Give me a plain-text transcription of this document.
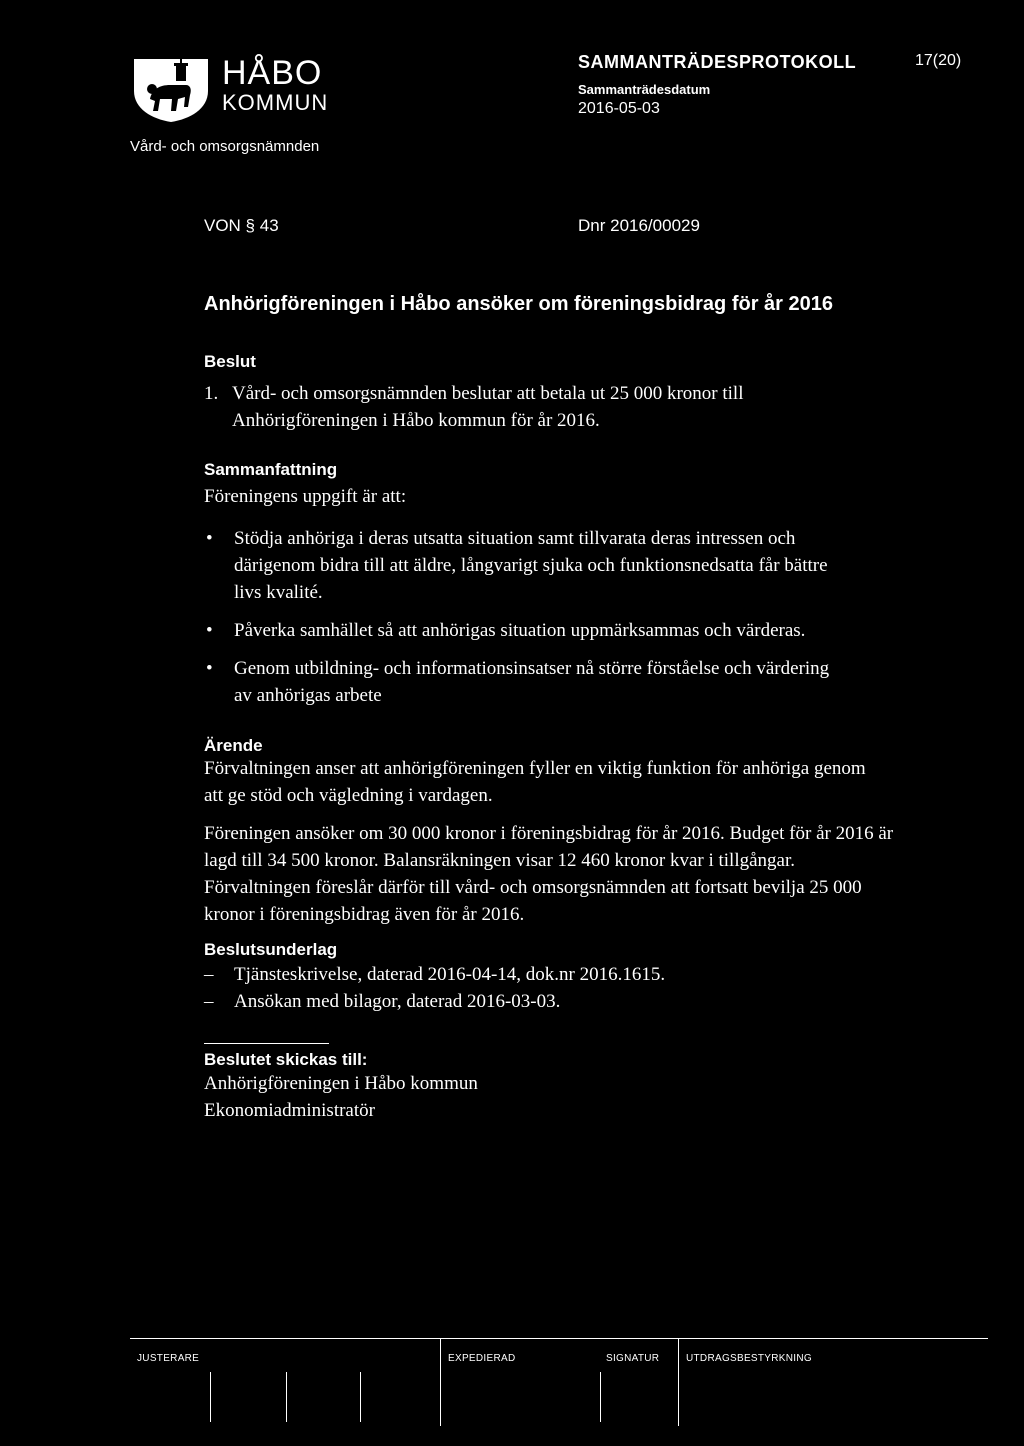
HÅBO
KOMMUN
Vård- och omsorgsnämnden
SAMMANTRÄDESPROTOKOLL
Sammanträdesdatum
2016-05-03
17(20)
VON § 43	Dnr 2016/00029
Anhörigföreningen i Håbo ansöker om föreningsbidrag för år 2016
Beslut
1. Vård- och omsorgsnämnden beslutar att betala ut 25 000 kronor till Anhörigföreningen i Håbo kommun för år 2016.
Sammanfattning
Föreningens uppgift är att:
• Stödja anhöriga i deras utsatta situation samt tillvarata deras intressen och därigenom bidra till att äldre, långvarigt sjuka och funktionsnedsatta får bättre livs kvalité.
• Påverka samhället så att anhörigas situation uppmärksammas och värderas.
• Genom utbildning- och informationsinsatser nå större förståelse och värdering av anhörigas arbete
Ärende
Förvaltningen anser att anhörigföreningen fyller en viktig funktion för anhöriga genom att ge stöd och vägledning i vardagen.
Föreningen ansöker om 30 000 kronor i föreningsbidrag för år 2016. Budget för år 2016 är lagd till 34 500 kronor. Balansräkningen visar 12 460 kronor kvar i tillgångar. Förvaltningen föreslår därför till vård- och omsorgsnämnden att fortsatt bevilja 25 000 kronor i föreningsbidrag även för år 2016.
Beslutsunderlag
– Tjänsteskrivelse, daterad 2016-04-14, dok.nr 2016.1615.
– Ansökan med bilagor, daterad 2016-03-03.
Beslutet skickas till:
Anhörigföreningen i Håbo kommun
Ekonomiadministratör
JUSTERARE	EXPEDIERAD	SIGNATUR	UTDRAGSBESTYRKNING
